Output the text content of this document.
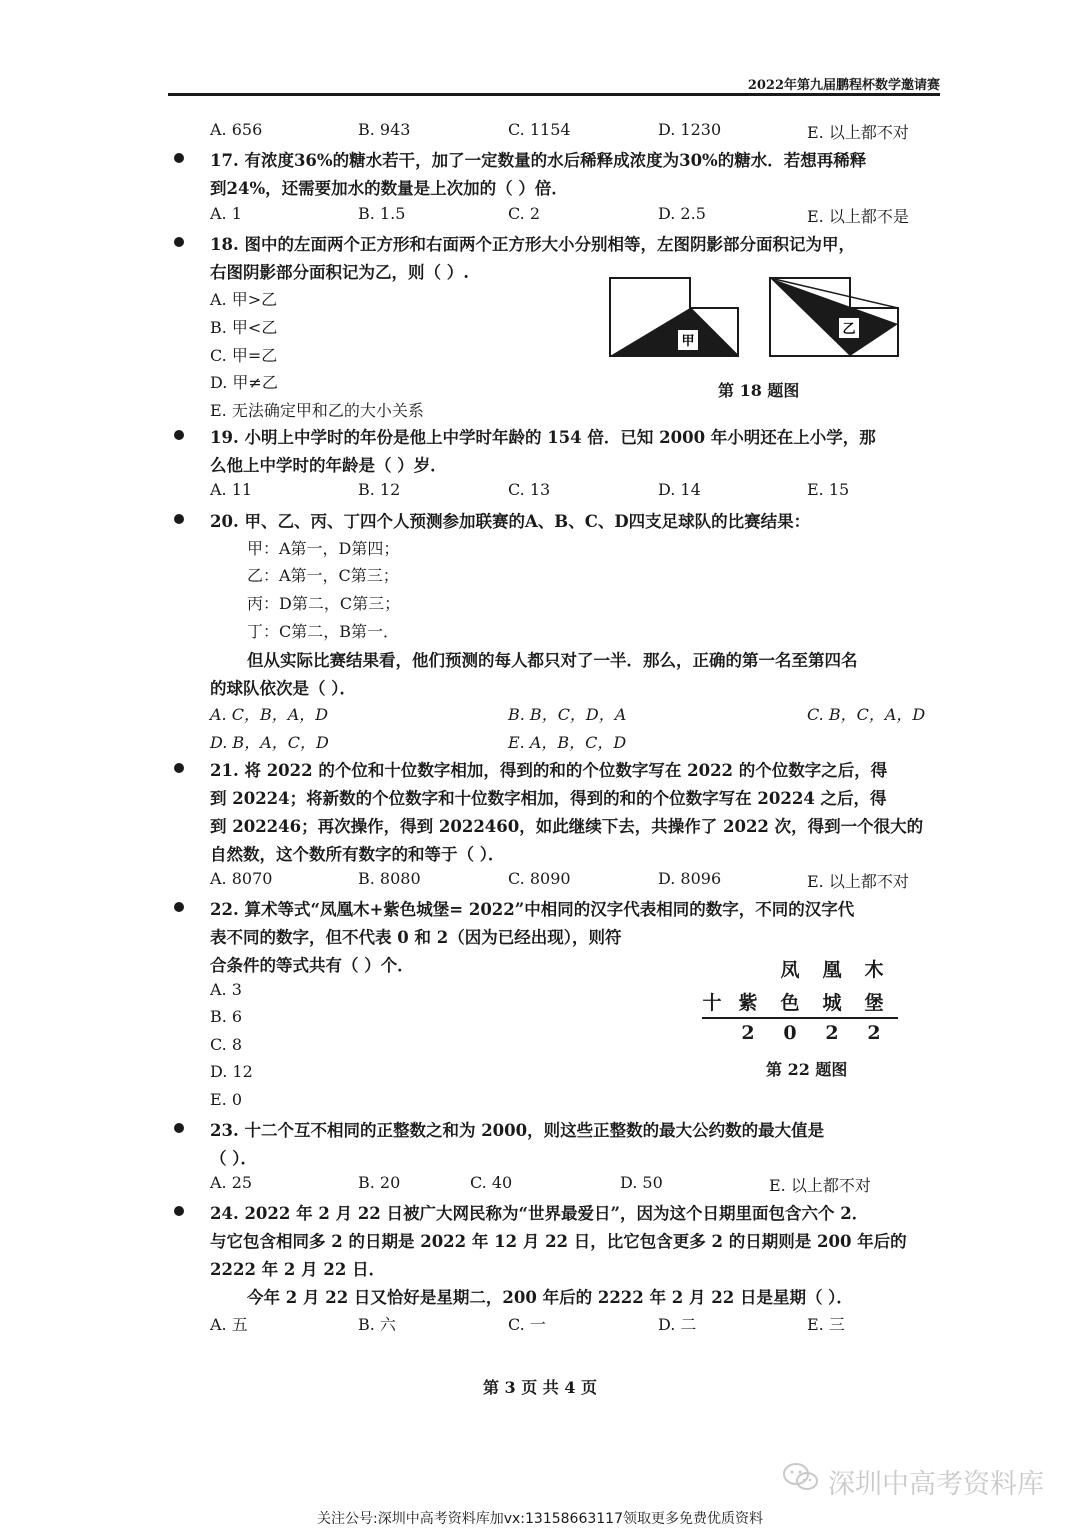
2022年第九届鹏程杯数学邀请赛
A. 656	B. 943	C. 1154	D. 1230	E. 以上都不对
17. 有浓度36%的糖水若干，加了一定数量的水后稀释成浓度为30%的糖水．若想再稀释
到24%，还需要加水的数量是上次加的（ ）倍．
A. 1	B. 1.5	C. 2	D. 2.5	E. 以上都不是
18. 图中的左面两个正方形和右面两个正方形大小分别相等，左图阴影部分面积记为甲，
右图阴影部分面积记为乙，则（ ）.
A. 甲>乙
B. 甲<乙
C. 甲=乙
D. 甲≠乙
E. 无法确定甲和乙的大小关系
甲
乙
第 18 题图
19. 小明上中学时的年份是他上中学时年龄的 154 倍．已知 2000 年小明还在上小学，那
么他上中学时的年龄是（ ）岁．
A. 11	B. 12	C. 13	D. 14	E. 15
20. 甲、乙、丙、丁四个人预测参加联赛的A、B、C、D四支足球队的比赛结果：
甲：A第一，D第四；
乙：A第一，C第三；
丙：D第二，C第三；
丁：C第二，B第一．
但从实际比赛结果看，他们预测的每人都只对了一半．那么，正确的第一名至第四名
的球队依次是（ ）．
A. C，B，A，D	B. B，C，D，A	C. B，C，A，D
D. B，A，C，D	E. A，B，C，D
21. 将 2022 的个位和十位数字相加，得到的和的个位数字写在 2022 的个位数字之后，得
到 20224；将新数的个位数字和十位数字相加，得到的和的个位数字写在 20224 之后，得
到 202246；再次操作，得到 2022460，如此继续下去，共操作了 2022 次，得到一个很大的
自然数，这个数所有数字的和等于（ ）．
A. 8070	B. 8080	C. 8090	D. 8096	E. 以上都不对
22. 算术等式“凤凰木+紫色城堡= 2022”中相同的汉字代表相同的数字，不同的汉字代
表不同的数字，但不代表 0 和 2（因为已经出现），则符
合条件的等式共有（ ）个．
A. 3
B. 6
C. 8
D. 12
E. 0
凤 凰 木
十 紫 色 城 堡
2 0 2 2
第 22 题图
23. 十二个互不相同的正整数之和为 2000，则这些正整数的最大公约数的最大值是
（ ）．
A. 25	B. 20	C. 40	D. 50	E. 以上都不对
24. 2022 年 2 月 22 日被广大网民称为“世界最爱日”，因为这个日期里面包含六个 2．
与它包含相同多 2 的日期是 2022 年 12 月 22 日，比它包含更多 2 的日期则是 200 年后的
2222 年 2 月 22 日．
今年 2 月 22 日又恰好是星期二，200 年后的 2222 年 2 月 22 日是星期（ ）．
A. 五	B. 六	C. 一	D. 二	E. 三
第 3 页 共 4 页
深圳中高考资料库
关注公号:深圳中高考资料库加vx:13158663117领取更多免费优质资料
